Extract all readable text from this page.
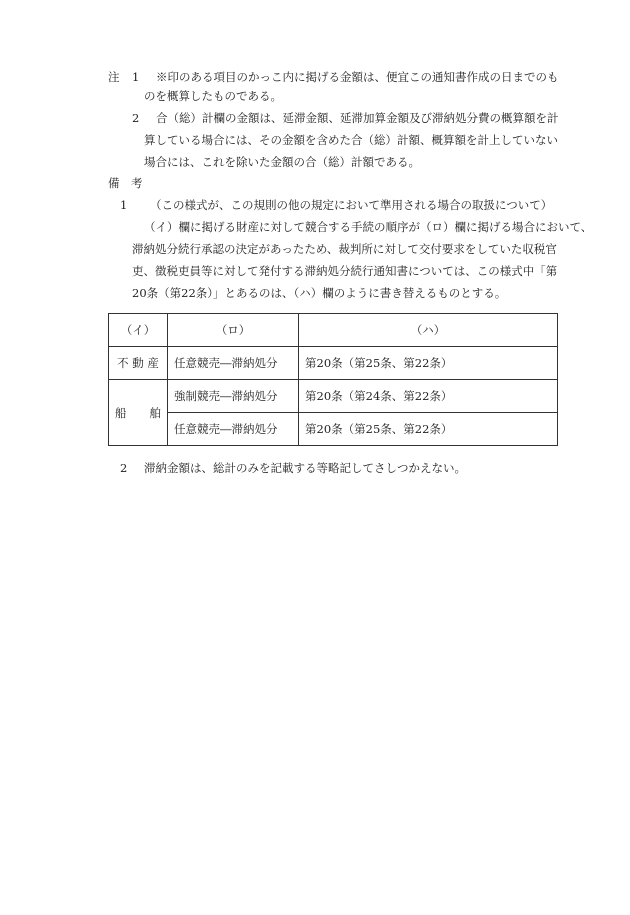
注 1 ※印のある項目のかっこ内に掲げる金額は、便宜この通知書作成の日までのも
のを概算したものである。
2 合（総）計欄の金額は、延滞金額、延滞加算金額及び滞納処分費の概算額を計
算している場合には、その金額を含めた合（総）計額、概算額を計上していない
場合には、これを除いた金額の合（総）計額である。
備　考
1 （この様式が、この規則の他の規定において準用される場合の取扱について）
（イ）欄に掲げる財産に対して競合する手続の順序が（ロ）欄に掲げる場合において、
滞納処分続行承認の決定があったため、裁判所に対して交付要求をしていた収税官
吏、徴税吏員等に対して発付する滞納処分続行通知書については、この様式中「第
（イ）	（ロ）	（ハ）
不 動 産	任意競売―滞納処分	第20条（第25条、第22条）
船　　舶	強制競売―滞納処分	第20条（第24条、第22条）
	任意競売―滞納処分	第20条（第25条、第22条）
2 滞納金額は、総計のみを記載する等略記してさしつかえない。
20条（第22条）」とあるのは、（ハ）欄のように書き替えるものとする。
